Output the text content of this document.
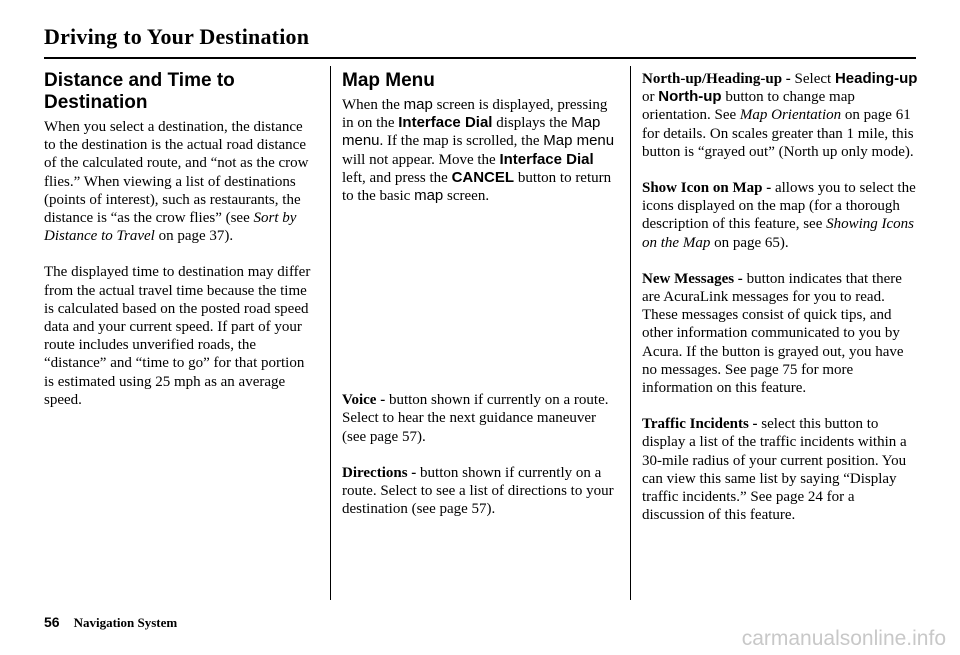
Driving to Your Destination
Distance and Time to Destination

When you select a destination, the distance to the destination is the actual road distance of the calculated route, and “not as the crow flies.” When viewing a list of destinations (points of interest), such as restaurants, the distance is “as the crow flies” (see Sort by Distance to Travel on page 37).

The displayed time to destination may differ from the actual travel time because the time is calculated based on the posted road speed data and your current speed. If part of your route includes unverified roads, the “distance” and “time to go” for that portion is estimated using 25 mph as an average speed.

Map Menu

When the map screen is displayed, pressing in on the Interface Dial displays the Map menu. If the map is scrolled, the Map menu will not appear. Move the Interface Dial left, and press the CANCEL button to return to the basic map screen.

Voice - button shown if currently on a route. Select to hear the next guidance maneuver (see page 57).

Directions - button shown if currently on a route. Select to see a list of directions to your destination (see page 57).

North-up/Heading-up - Select Heading-up or North-up button to change map orientation. See Map Orientation on page 61 for details. On scales greater than 1 mile, this button is “grayed out” (North up only mode).

Show Icon on Map - allows you to select the icons displayed on the map (for a thorough description of this feature, see Showing Icons on the Map on page 65).

New Messages - button indicates that there are AcuraLink messages for you to read. These messages consist of quick tips, and other information communicated to you by Acura. If the button is grayed out, you have no messages. See page 75 for more information on this feature.

Traffic Incidents - select this button to display a list of the traffic incidents within a 30-mile radius of your current position. You can view this same list by saying “Display traffic incidents.” See page 24 for a discussion of this feature.

56 Navigation System
carmanualsonline.info
